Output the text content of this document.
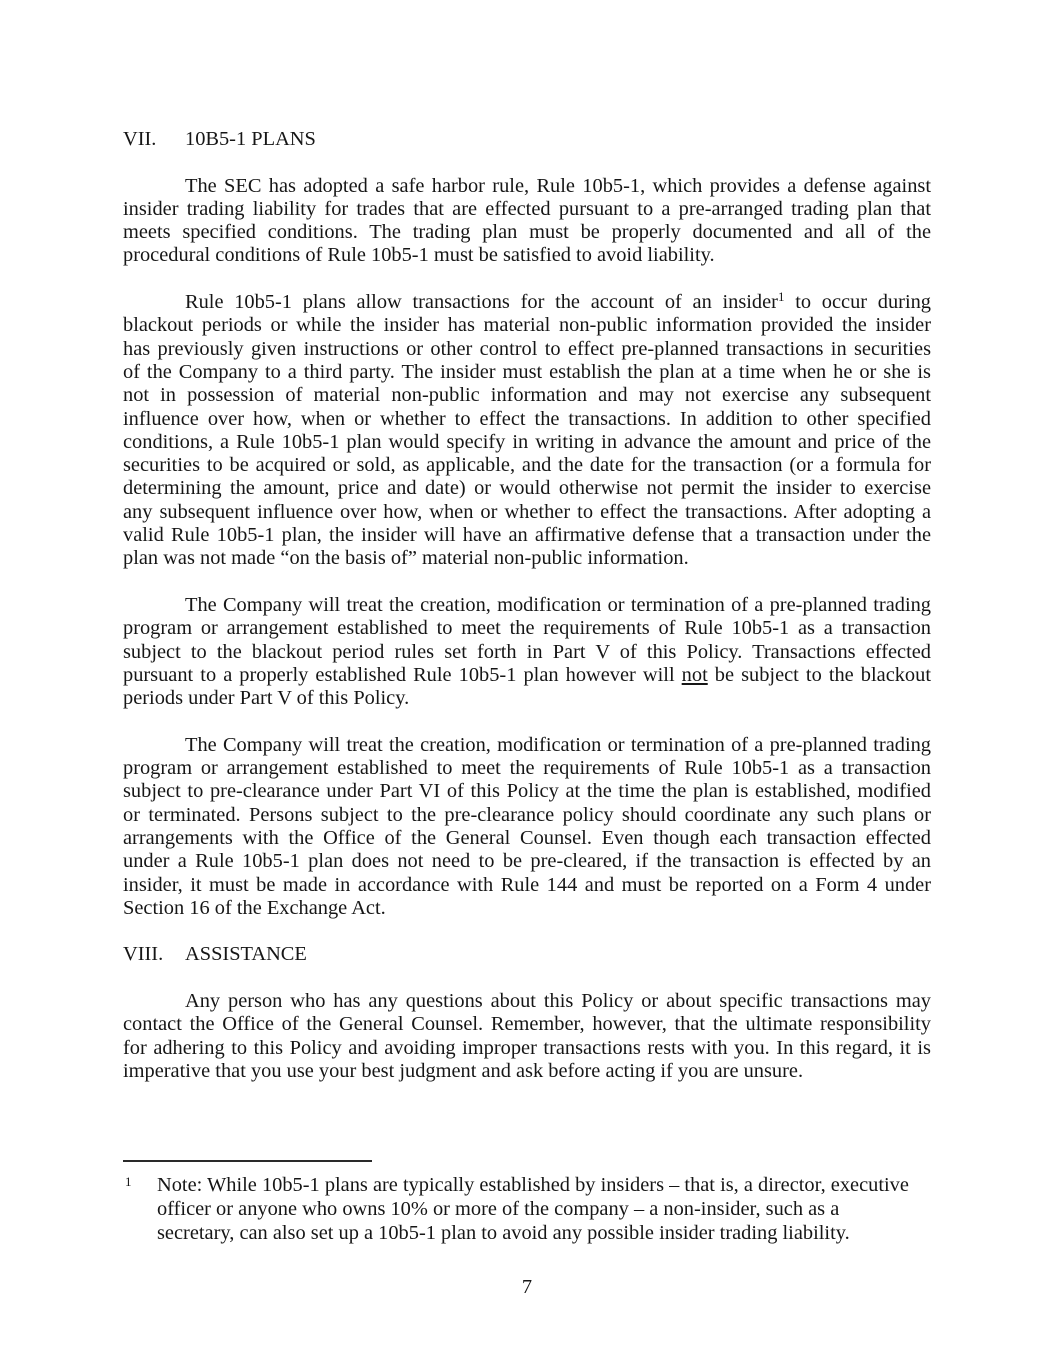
VII.	10B5-1 PLANS
The SEC has adopted a safe harbor rule, Rule 10b5-1, which provides a defense against
insider trading liability for trades that are effected pursuant to a pre-arranged trading plan that
meets specified conditions. The trading plan must be properly documented and all of the
procedural conditions of Rule 10b5-1 must be satisfied to avoid liability.
Rule 10b5-1 plans allow transactions for the account of an insider$^1$ to occur during
blackout periods or while the insider has material non-public information provided the insider
has previously given instructions or other control to effect pre-planned transactions in securities
of the Company to a third party. The insider must establish the plan at a time when he or she is
not in possession of material non-public information and may not exercise any subsequent
influence over how, when or whether to effect the transactions. In addition to other specified
conditions, a Rule 10b5-1 plan would specify in writing in advance the amount and price of the
securities to be acquired or sold, as applicable, and the date for the transaction (or a formula for
determining the amount, price and date) or would otherwise not permit the insider to exercise
any subsequent influence over how, when or whether to effect the transactions. After adopting a
valid Rule 10b5-1 plan, the insider will have an affirmative defense that a transaction under the
plan was not made “on the basis of” material non-public information.
The Company will treat the creation, modification or termination of a pre-planned trading
program or arrangement established to meet the requirements of Rule 10b5-1 as a transaction
subject to the blackout period rules set forth in Part V of this Policy. Transactions effected
pursuant to a properly established Rule 10b5-1 plan however will not be subject to the blackout
periods under Part V of this Policy.
The Company will treat the creation, modification or termination of a pre-planned trading
program or arrangement established to meet the requirements of Rule 10b5-1 as a transaction
subject to pre-clearance under Part VI of this Policy at the time the plan is established, modified
or terminated. Persons subject to the pre-clearance policy should coordinate any such plans or
arrangements with the Office of the General Counsel. Even though each transaction effected
under a Rule 10b5-1 plan does not need to be pre-cleared, if the transaction is effected by an
insider, it must be made in accordance with Rule 144 and must be reported on a Form 4 under
Section 16 of the Exchange Act.
VIII.	ASSISTANCE
Any person who has any questions about this Policy or about specific transactions may
contact the Office of the General Counsel. Remember, however, that the ultimate responsibility
for adhering to this Policy and avoiding improper transactions rests with you. In this regard, it is
imperative that you use your best judgment and ask before acting if you are unsure.
1 Note: While 10b5-1 plans are typically established by insiders – that is, a director, executive
officer or anyone who owns 10% or more of the company – a non-insider, such as a
secretary, can also set up a 10b5-1 plan to avoid any possible insider trading liability.
7
